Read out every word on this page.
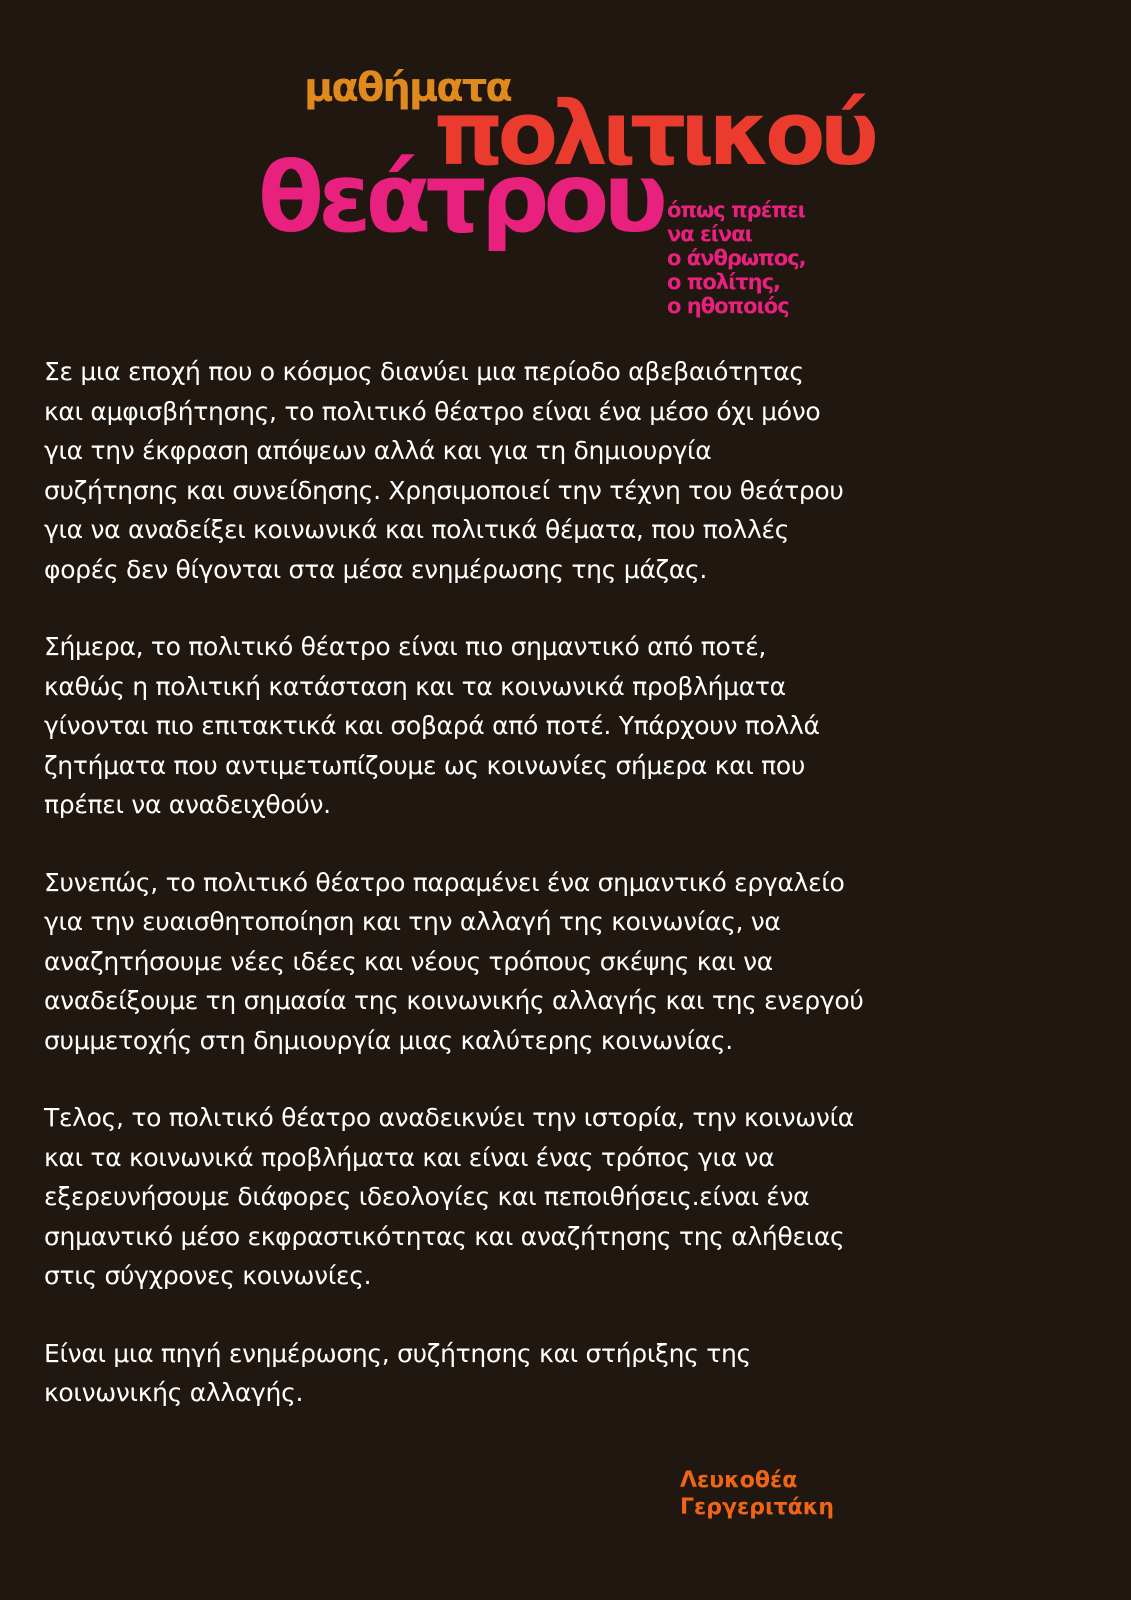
μαθήματα
πολιτικού
θεάτρου όπως πρέπει
να είναι
ο άνθρωπος,
ο πολίτης,
ο ηθοποιός
Σε μια εποχή που ο κόσμος διανύει μια περίοδο αβεβαιότητας
και αμφισβήτησης, το πολιτικό θέατρο είναι ένα μέσο όχι μόνο
για την έκφραση απόψεων αλλά και για τη δημιουργία
συζήτησης και συνείδησης. Χρησιμοποιεί την τέχνη του θεάτρου
για να αναδείξει κοινωνικά και πολιτικά θέματα, που πολλές
φορές δεν θίγονται στα μέσα ενημέρωσης της μάζας.
Σήμερα, το πολιτικό θέατρο είναι πιο σημαντικό από ποτέ,
καθώς η πολιτική κατάσταση και τα κοινωνικά προβλήματα
γίνονται πιο επιτακτικά και σοβαρά από ποτέ. Υπάρχουν πολλά
ζητήματα που αντιμετωπίζουμε ως κοινωνίες σήμερα και που
πρέπει να αναδειχθούν.
Συνεπώς, το πολιτικό θέατρο παραμένει ένα σημαντικό εργαλείο
για την ευαισθητοποίηση και την αλλαγή της κοινωνίας, να
αναζητήσουμε νέες ιδέες και νέους τρόπους σκέψης και να
αναδείξουμε τη σημασία της κοινωνικής αλλαγής και της ενεργού
συμμετοχής στη δημιουργία μιας καλύτερης κοινωνίας.
Τελος, το πολιτικό θέατρο αναδεικνύει την ιστορία, την κοινωνία
και τα κοινωνικά προβλήματα και είναι ένας τρόπος για να
εξερευνήσουμε διάφορες ιδεολογίες και πεποιθήσεις.είναι ένα
σημαντικό μέσο εκφραστικότητας και αναζήτησης της αλήθειας
στις σύγχρονες κοινωνίες.
Είναι μια πηγή ενημέρωσης, συζήτησης και στήριξης της
κοινωνικής αλλαγής.
Λευκοθέα
Γεργεριτάκη
